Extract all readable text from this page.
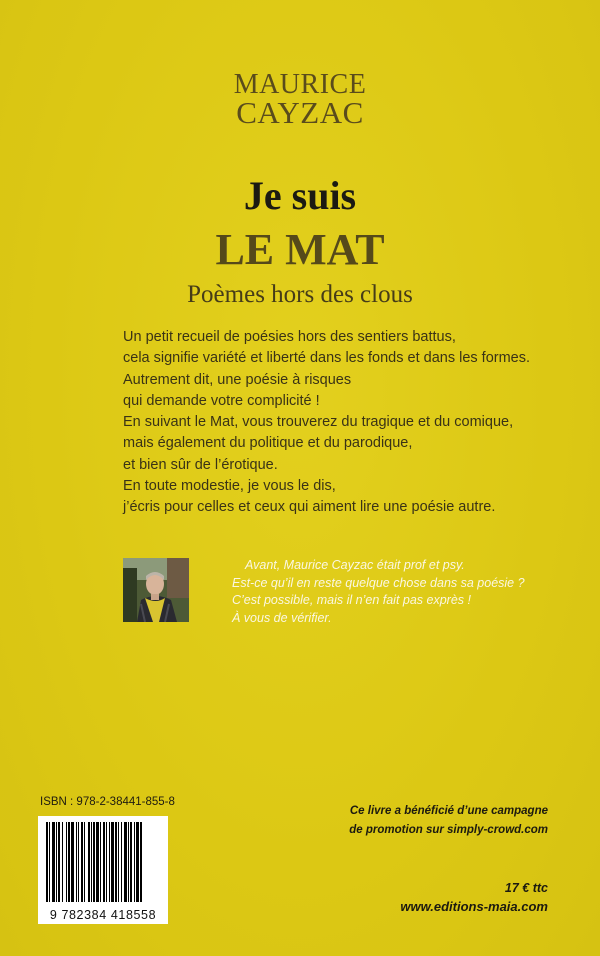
MAURICE
CAYZAC
Je suis
LE MAT
Poèmes hors des clous
Un petit recueil de poésies hors des sentiers battus,
cela signifie variété et liberté dans les fonds et dans les formes.
Autrement dit, une poésie à risques
qui demande votre complicité !
En suivant le Mat, vous trouverez du tragique et du comique,
mais également du politique et du parodique,
et bien sûr de l’érotique.
En toute modestie, je vous le dis,
j’écris pour celles et ceux qui aiment lire une poésie autre.
Avant, Maurice Cayzac était prof et psy.
Est-ce qu’il en reste quelque chose dans sa poésie ?
C’est possible, mais il n’en fait pas exprès !
À vous de vérifier.
ISBN : 978-2-38441-855-8
9 782384 418558
Ce livre a bénéficié d’une campagne
de promotion sur simply-crowd.com
17 € ttc
www.editions-maia.com
